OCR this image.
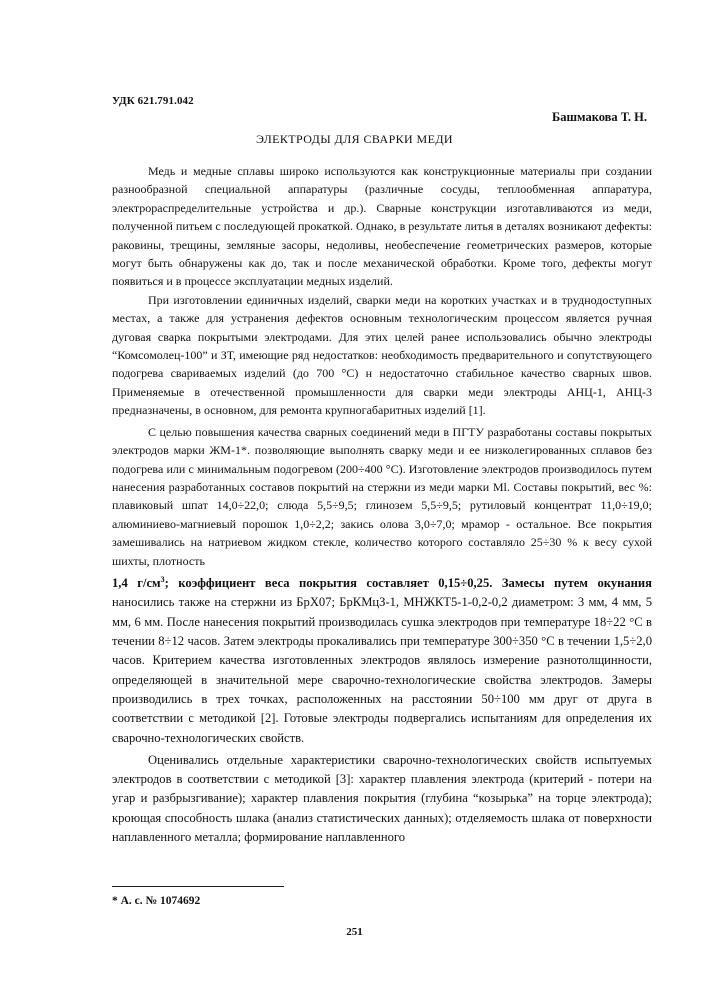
УДК 621.791.042
Башмакова Т. Н.
ЭЛЕКТРОДЫ ДЛЯ СВАРКИ МЕДИ

Медь и медные сплавы широко используются как конструкционные материалы при создании разнообразной специальной аппаратуры (различные сосуды, теплообменная аппаратура, электрораспределительные устройства и др.). Сварные конструкции изготавливаются из меди, полученной питьем с последующей прокаткой. Однако, в результате литья в деталях возникают дефекты: раковины, трещины, земляные засоры, недоливы, необеспечение геометрических размеров, которые могут быть обнаружены как до, так и после механической обработки. Кроме того, дефекты могут появиться и в процессе эксплуатации медных изделий.

При изготовлении единичных изделий, сварки меди на коротких участках и в труднодоступных местах, а также для устранения дефектов основным технологическим процессом является ручная дуговая сварка покрытыми электродами. Для этих целей ранее использовались обычно электроды “Комсомолец-100” и ЗТ, имеющие ряд недостатков: необходимость предварительного и сопутствующего подогрева свариваемых изделий (до 700 °С) н недостаточно стабильное качество сварных швов. Применяемые в отечественной промышленности для сварки меди электроды АНЦ-1, АНЦ-3 предназначены, в основном, для ремонта крупногабаритных изделий [1].

С целью повышения качества сварных соединений меди в ПГТУ разработаны составы покрытых электродов марки ЖМ-1*. позволяющие выполнять сварку меди и ее низколегированных сплавов без подогрева или с минимальным подогревом (200÷400 °С). Изготовление электродов производилось путем нанесения разработанных составов покрытий на стержни из меди марки Ml. Составы покрытий, вес %: плавиковый шпат 14,0÷22,0; слюда 5,5÷9,5; глинозем 5,5÷9,5; рутиловый концентрат 11,0÷19,0; алюминиево-магниевый порошок 1,0÷2,2; закись олова 3,0÷7,0; мрамор - остальное. Все покрытия замешивались на натриевом жидком стекле, количество которого составляло 25÷30 % к весу сухой шихты, плотность

1,4 $г/см^3$; коэффициент веса покрытия составляет 0,15÷0,25. Замесы путем окунания

наносились также на стержни из БрХ07; БрКМцЗ-1, МНЖКТ5-1-0,2-0,2 диаметром: 3 мм, 4 мм, 5 мм, 6 мм. После нанесения покрытий производилась сушка электродов при температуре 18÷22 °С в течении 8÷12 часов. Затем электроды прокаливались при температуре 300÷350 °С в течении 1,5÷2,0 часов. Критерием качества изготовленных электродов являлось измерение разнотолщинности, определяющей в значительной мере сварочно-технологические свойства электродов. Замеры производились в трех точках, расположенных на расстоянии 50÷100 мм друг от друга в соответствии с методикой [2]. Готовые электроды подвергались испытаниям для определения их сварочно-технологических свойств.

Оценивались отдельные характеристики сварочно-технологических свойств испытуемых электродов в соответствии с методикой [3]: характер плавления электрода (критерий - потери на угар и разбрызгивание); характер плавления покрытия (глубина “козырька” на торце электрода); кроющая способность шлака (анализ статистических данных); отделяемость шлака от поверхности наплавленного металла; формирование наплавленного

* А. с. № 1074692
251
